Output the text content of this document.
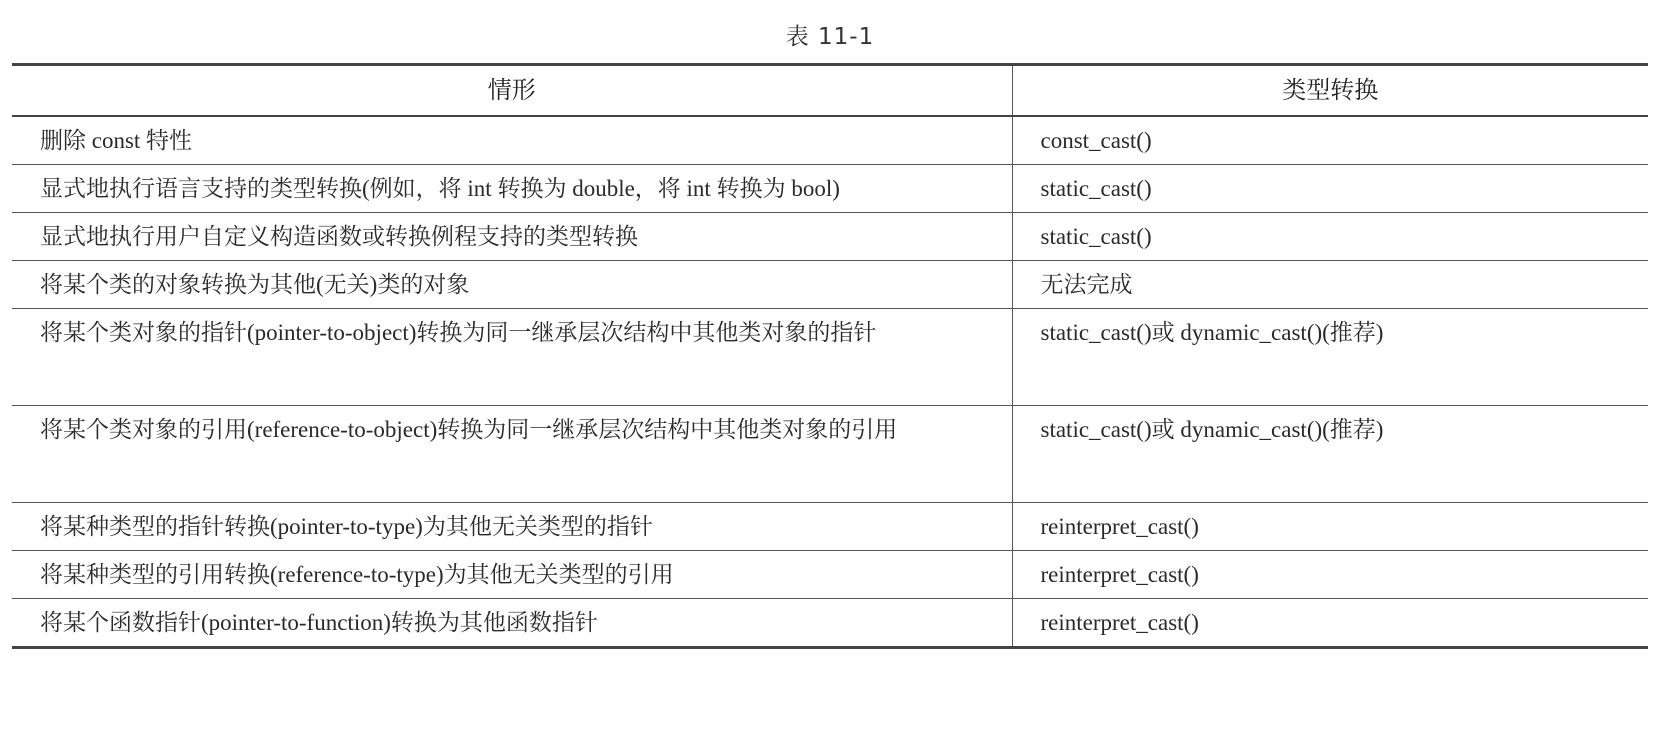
表 11-1
情形	类型转换
删除 const 特性	const_cast()
显式地执行语言支持的类型转换(例如，将 int 转换为 double，将 int 转换为 bool)	static_cast()
显式地执行用户自定义构造函数或转换例程支持的类型转换	static_cast()
将某个类的对象转换为其他(无关)类的对象	无法完成
将某个类对象的指针(pointer-to-object)转换为同一继承层次结构中其他类对象的指针	static_cast()或 dynamic_cast()(推荐)
将某个类对象的引用(reference-to-object)转换为同一继承层次结构中其他类对象的引用	static_cast()或 dynamic_cast()(推荐)
将某种类型的指针转换(pointer-to-type)为其他无关类型的指针	reinterpret_cast()
将某种类型的引用转换(reference-to-type)为其他无关类型的引用	reinterpret_cast()
将某个函数指针(pointer-to-function)转换为其他函数指针	reinterpret_cast()
